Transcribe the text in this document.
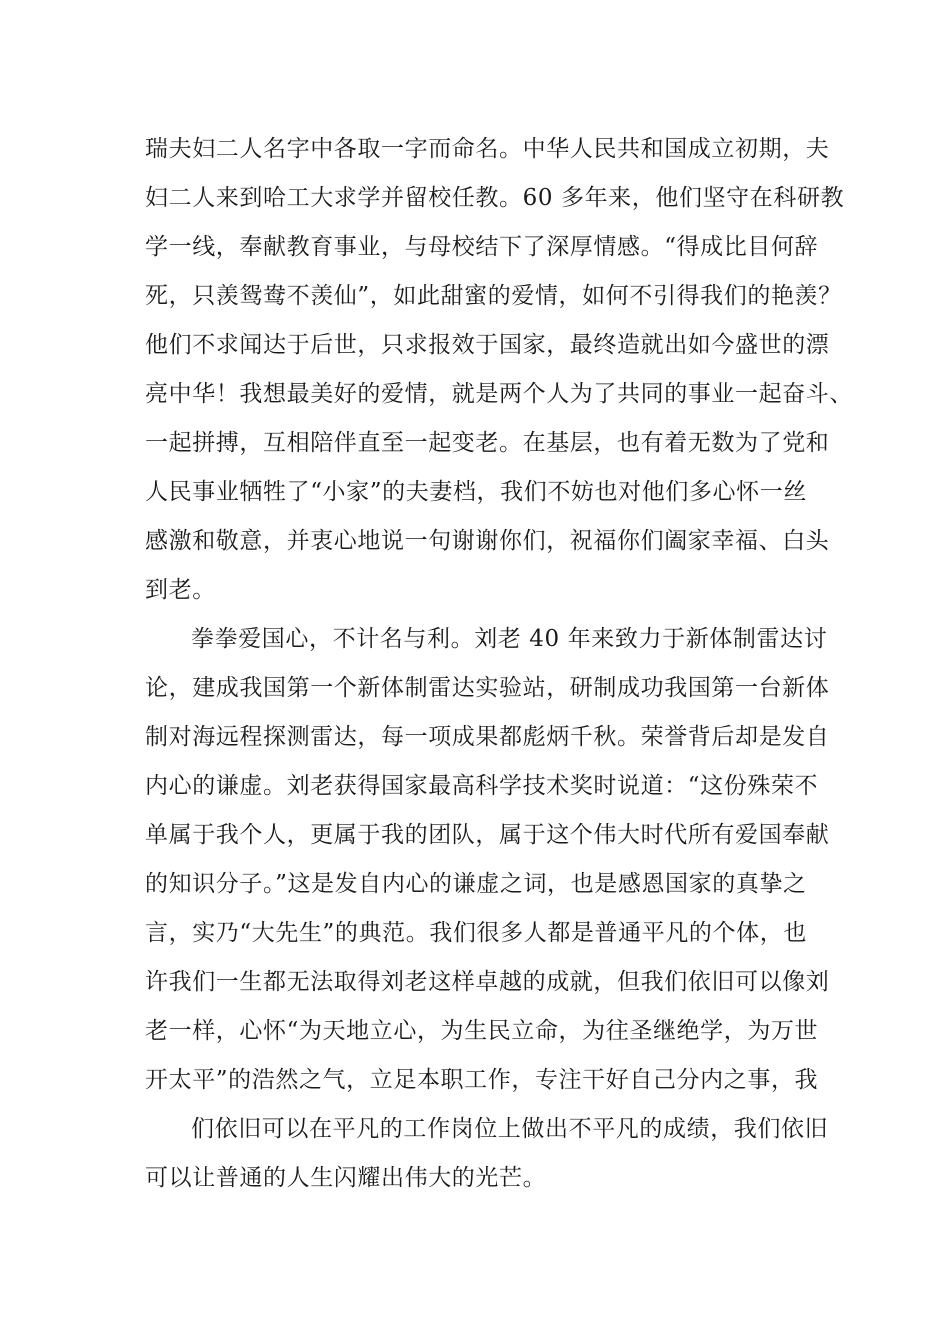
瑞夫妇二人名字中各取一字而命名。中华人民共和国成立初期，夫
妇二人来到哈工大求学并留校任教。60 多年来，他们坚守在科研教
学一线，奉献教育事业，与母校结下了深厚情感。“得成比目何辞
死，只羡鸳鸯不羡仙”，如此甜蜜的爱情，如何不引得我们的艳羡？
他们不求闻达于后世，只求报效于国家，最终造就出如今盛世的漂
亮中华！我想最美好的爱情，就是两个人为了共同的事业一起奋斗、
一起拼搏，互相陪伴直至一起变老。在基层，也有着无数为了党和
人民事业牺牲了“小家”的夫妻档，我们不妨也对他们多心怀一丝
感激和敬意，并衷心地说一句谢谢你们，祝福你们阖家幸福、白头
到老。
拳拳爱国心，不计名与利。刘老 40 年来致力于新体制雷达讨
论，建成我国第一个新体制雷达实验站，研制成功我国第一台新体
制对海远程探测雷达，每一项成果都彪炳千秋。荣誉背后却是发自
内心的谦虚。刘老获得国家最高科学技术奖时说道：“这份殊荣不
单属于我个人，更属于我的团队，属于这个伟大时代所有爱国奉献
的知识分子。”这是发自内心的谦虚之词，也是感恩国家的真挚之
言，实乃“大先生”的典范。我们很多人都是普通平凡的个体，也
许我们一生都无法取得刘老这样卓越的成就，但我们依旧可以像刘
老一样，心怀“为天地立心，为生民立命，为往圣继绝学，为万世
开太平”的浩然之气，立足本职工作，专注干好自己分内之事，我
们依旧可以在平凡的工作岗位上做出不平凡的成绩，我们依旧
可以让普通的人生闪耀出伟大的光芒。
